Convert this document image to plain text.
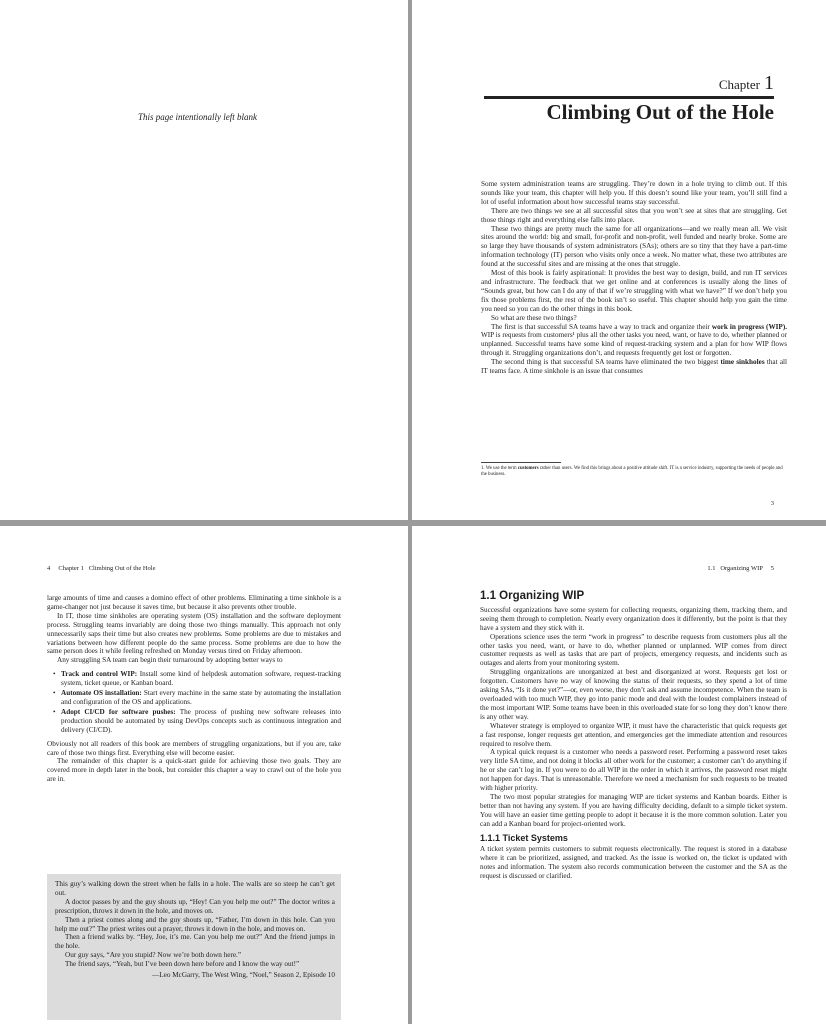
This page intentionally left blank
Chapter 1
Climbing Out of the Hole

Some system administration teams are struggling. They’re down in a hole trying to climb out. If this sounds like your team, this chapter will help you. If this doesn’t sound like your team, you’ll still find a lot of useful information about how successful teams stay successful.

There are two things we see at all successful sites that you won’t see at sites that are struggling. Get those things right and everything else falls into place.

These two things are pretty much the same for all organizations—and we really mean all. We visit sites around the world: big and small, for-profit and non-profit, well funded and nearly broke. Some are so large they have thousands of system administrators (SAs); others are so tiny that they have a part-time information technology (IT) person who visits only once a week. No matter what, these two attributes are found at the successful sites and are missing at the ones that struggle.

Most of this book is fairly aspirational: It provides the best way to design, build, and run IT services and infrastructure. The feedback that we get online and at conferences is usually along the lines of “Sounds great, but how can I do any of that if we’re struggling with what we have?” If we don’t help you fix those problems first, the rest of the book isn’t so useful. This chapter should help you gain the time you need so you can do the other things in this book.

So what are these two things?

The first is that successful SA teams have a way to track and organize their work in progress (WIP). WIP is requests from customers¹ plus all the other tasks you need, want, or have to do, whether planned or unplanned. Successful teams have some kind of request-tracking system and a plan for how WIP flows through it. Struggling organizations don’t, and requests frequently get lost or forgotten.

The second thing is that successful SA teams have eliminated the two biggest time sinkholes that all IT teams face. A time sinkhole is an issue that consumes

1. We use the term customers rather than users. We find this brings about a positive attitude shift. IT is a service industry, supporting the needs of people and the business.
3
4     Chapter 1   Climbing Out of the Hole

large amounts of time and causes a domino effect of other problems. Eliminating a time sinkhole is a game-changer not just because it saves time, but because it also prevents other trouble.

In IT, those time sinkholes are operating system (OS) installation and the software deployment process. Struggling teams invariably are doing those two things manually. This approach not only unnecessarily saps their time but also creates new problems. Some problems are due to mistakes and variations between how different people do the same process. Some problems are due to how the same person does it while feeling refreshed on Monday versus tired on Friday afternoon.

Any struggling SA team can begin their turnaround by adopting better ways to

• Track and control WIP: Install some kind of helpdesk automation software, request-tracking system, ticket queue, or Kanban board.
• Automate OS installation: Start every machine in the same state by automating the installation and configuration of the OS and applications.
• Adopt CI/CD for software pushes: The process of pushing new software releases into production should be automated by using DevOps concepts such as continuous integration and delivery (CI/CD).

Obviously not all readers of this book are members of struggling organizations, but if you are, take care of those two things first. Everything else will become easier.

The remainder of this chapter is a quick-start guide for achieving those two goals. They are covered more in depth later in the book, but consider this chapter a way to crawl out of the hole you are in.

This guy’s walking down the street when he falls in a hole. The walls are so steep he can’t get out.

A doctor passes by and the guy shouts up, “Hey! Can you help me out?” The doctor writes a prescription, throws it down in the hole, and moves on.

Then a priest comes along and the guy shouts up, “Father, I’m down in this hole. Can you help me out?” The priest writes out a prayer, throws it down in the hole, and moves on.

Then a friend walks by. “Hey, Joe, it’s me. Can you help me out?” And the friend jumps in the hole.

Our guy says, “Are you stupid? Now we’re both down here.”

The friend says, “Yeah, but I’ve been down here before and I know the way out!”

—Leo McGarry, The West Wing, “Noel,” Season 2, Episode 10
1.1   Organizing WIP     5
1.1 Organizing WIP

Successful organizations have some system for collecting requests, organizing them, tracking them, and seeing them through to completion. Nearly every organization does it differently, but the point is that they have a system and they stick with it.

Operations science uses the term “work in progress” to describe requests from customers plus all the other tasks you need, want, or have to do, whether planned or unplanned. WIP comes from direct customer requests as well as tasks that are part of projects, emergency requests, and incidents such as outages and alerts from your monitoring system.

Struggling organizations are unorganized at best and disorganized at worst. Requests get lost or forgotten. Customers have no way of knowing the status of their requests, so they spend a lot of time asking SAs, “Is it done yet?”—or, even worse, they don’t ask and assume incompetence. When the team is overloaded with too much WIP, they go into panic mode and deal with the loudest complainers instead of the most important WIP. Some teams have been in this overloaded state for so long they don’t know there is any other way.

Whatever strategy is employed to organize WIP, it must have the characteristic that quick requests get a fast response, longer requests get attention, and emergencies get the immediate attention and resources required to resolve them.

A typical quick request is a customer who needs a password reset. Performing a password reset takes very little SA time, and not doing it blocks all other work for the customer; a customer can’t do anything if he or she can’t log in. If you were to do all WIP in the order in which it arrives, the password reset might not happen for days. That is unreasonable. Therefore we need a mechanism for such requests to be treated with higher priority.

The two most popular strategies for managing WIP are ticket systems and Kanban boards. Either is better than not having any system. If you are having difficulty deciding, default to a simple ticket system. You will have an easier time getting people to adopt it because it is the more common solution. Later you can add a Kanban board for project-oriented work.

1.1.1 Ticket Systems

A ticket system permits customers to submit requests electronically. The request is stored in a database where it can be prioritized, assigned, and tracked. As the issue is worked on, the ticket is updated with notes and information. The system also records communication between the customer and the SA as the request is discussed or clarified.
